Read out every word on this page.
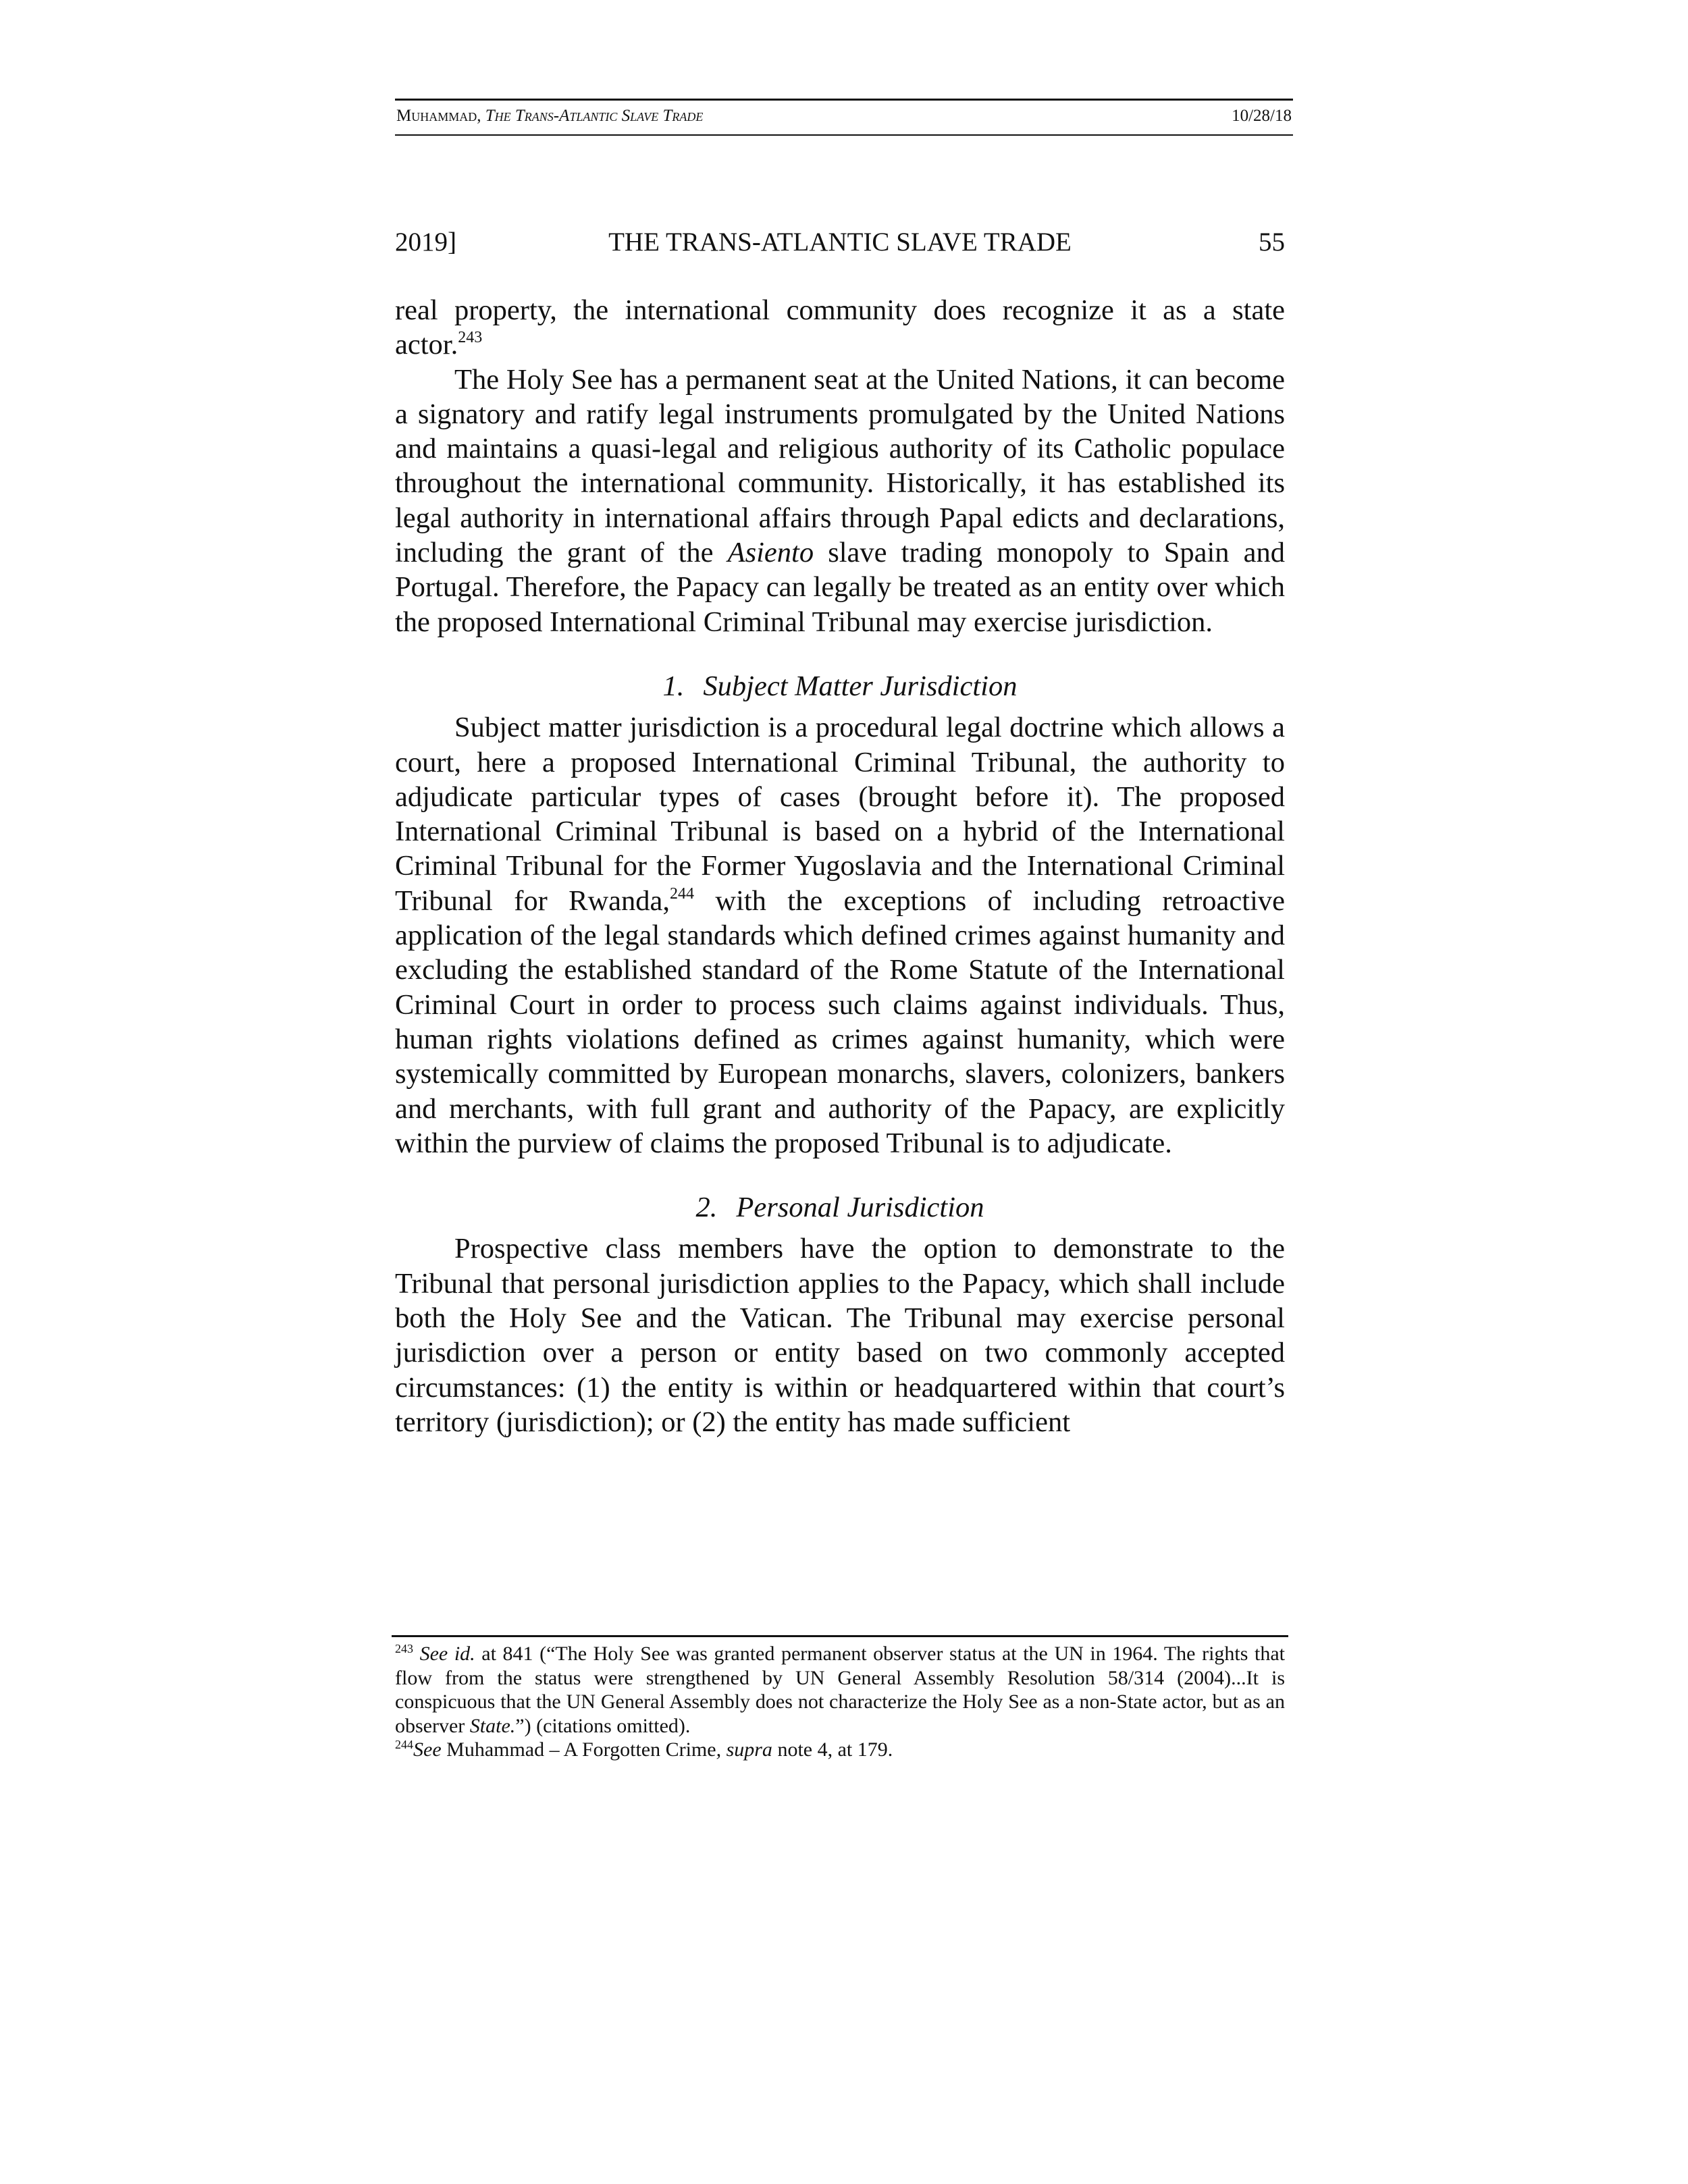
Muhammad, The Trans-Atlantic Slave Trade	10/28/18
2019]	THE TRANS-ATLANTIC SLAVE TRADE	55

real property, the international community does recognize it as a state actor.$^{243}$

The Holy See has a permanent seat at the United Nations, it can become a signatory and ratify legal instruments promulgated by the United Nations and maintains a quasi-legal and religious authority of its Catholic populace throughout the international community. Historically, it has established its legal authority in international affairs through Papal edicts and declarations, including the grant of the Asiento slave trading monopoly to Spain and Portugal. Therefore, the Papacy can legally be treated as an entity over which the proposed International Criminal Tribunal may exercise jurisdiction.

1. Subject Matter Jurisdiction

Subject matter jurisdiction is a procedural legal doctrine which allows a court, here a proposed International Criminal Tribunal, the authority to adjudicate particular types of cases (brought before it). The proposed International Criminal Tribunal is based on a hybrid of the International Criminal Tribunal for the Former Yugoslavia and the International Criminal Tribunal for Rwanda,$^{244}$ with the exceptions of including retroactive application of the legal standards which defined crimes against humanity and excluding the established standard of the Rome Statute of the International Criminal Court in order to process such claims against individuals. Thus, human rights violations defined as crimes against humanity, which were systemically committed by European monarchs, slavers, colonizers, bankers and merchants, with full grant and authority of the Papacy, are explicitly within the purview of claims the proposed Tribunal is to adjudicate.

2. Personal Jurisdiction

Prospective class members have the option to demonstrate to the Tribunal that personal jurisdiction applies to the Papacy, which shall include both the Holy See and the Vatican. The Tribunal may exercise personal jurisdiction over a person or entity based on two commonly accepted circumstances: (1) the entity is within or headquartered within that court’s territory (jurisdiction); or (2) the entity has made sufficient

$^{243}$ See id. at 841 (“The Holy See was granted permanent observer status at the UN in 1964. The rights that flow from the status were strengthened by UN General Assembly Resolution 58/314 (2004)...It is conspicuous that the UN General Assembly does not characterize the Holy See as a non-State actor, but as an observer State.”) (citations omitted).

$^{244}$See Muhammad – A Forgotten Crime, supra note 4, at 179.
